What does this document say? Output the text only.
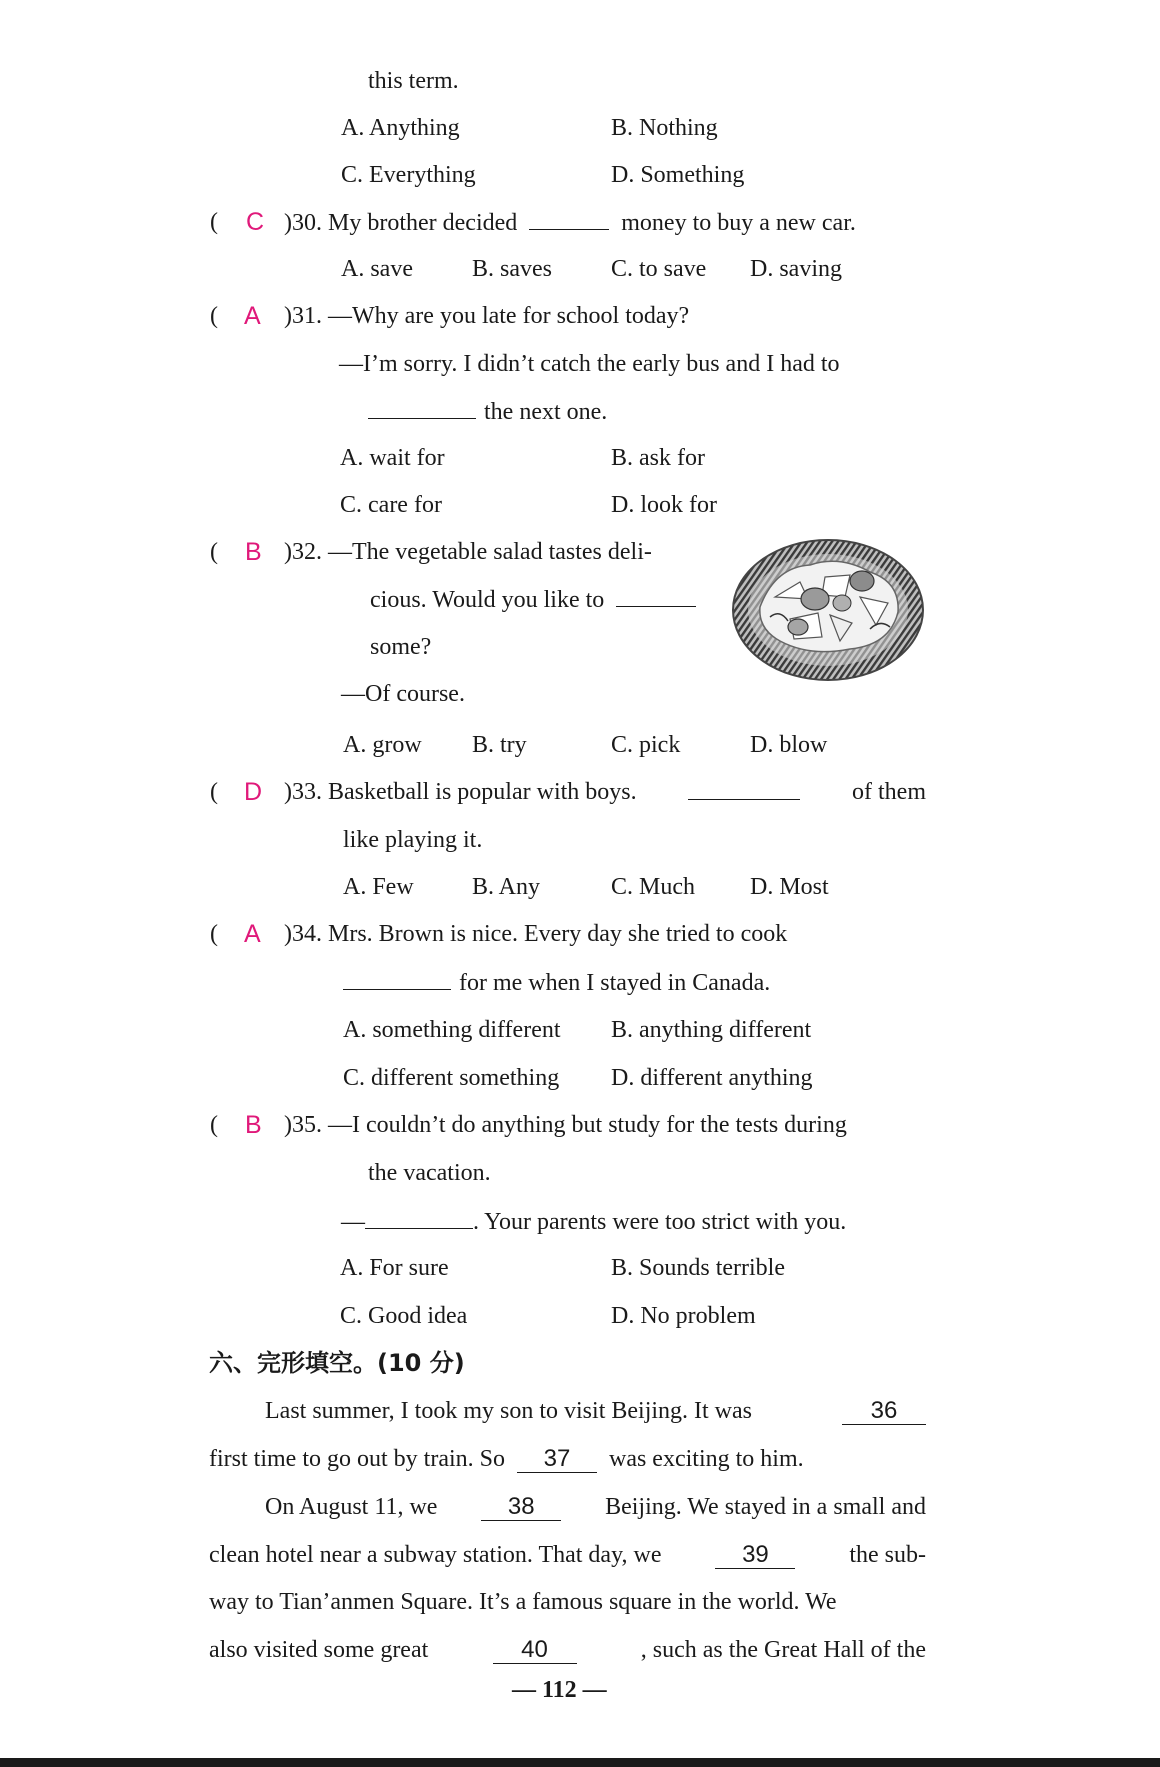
this term.
A. Anything	B. Nothing
C. Everything	D. Something
( C )30. My brother decided	money to buy a new car.
A. save B. saves C. to save D. saving
( A )31. —Why are you late for school today?
—I’m sorry. I didn’t catch the early bus and I had to
the next one.
A. wait for	B. ask for
C. care for	D. look for
( B )32. —The vegetable salad tastes deli-
cious. Would you like to
some?
—Of course.
A. grow B. try	C. pick	D. blow
( D )33. Basketball is popular with boys.	of them
like playing it.
A. Few B. Any	C. Much D. Most
( A )34. Mrs. Brown is nice. Every day she tried to cook
for me when I stayed in Canada.
A. something different B. anything different
C. different something D. different anything
( B )35. —I couldn’t do anything but study for the tests during
the vacation.
—	. Your parents were too strict with you.
A. For sure	B. Sounds terrible
C. Good idea	D. No problem
六、完形填空。(10 分)
Last summer, I took my son to visit Beijing. It was	36
first time to go out by train. So 37 was exciting to him.
On August 11, we	38	Beijing. We stayed in a small and
clean hotel near a subway station. That day, we	39	the sub-
way to Tian’anmen Square. It’s a famous square in the world. We
also visited some great	40	, such as the Great Hall of the
— 112 —
